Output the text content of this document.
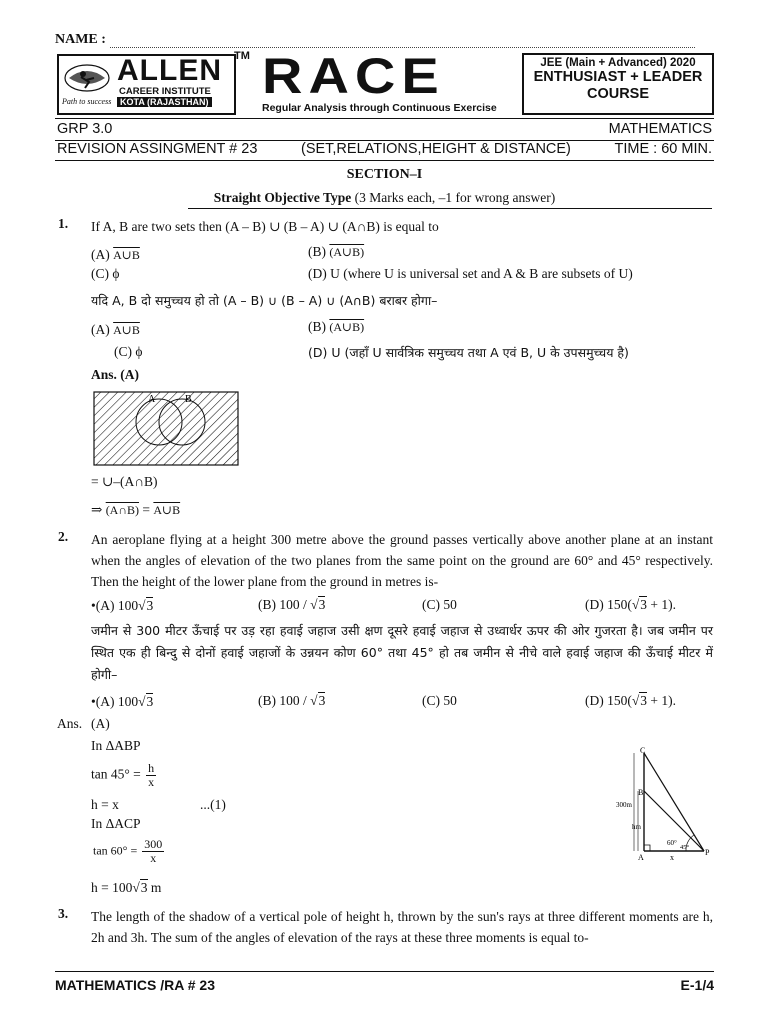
NAME :
ALLEN
CAREER INSTITUTE
KOTA (RAJASTHAN)
Path to success
TM RACE
Regular Analysis through Continuous Exercise
JEE (Main + Advanced) 2020
ENTHUSIAST + LEADER
COURSE
GRP 3.0	MATHEMATICS
REVISION ASSINGMENT # 23	(SET,RELATIONS,HEIGHT & DISTANCE)	TIME : 60 MIN.
SECTION–I
Straight Objective Type (3 Marks each, –1 for wrong answer)
1. If A, B are two sets then (A – B) ∪ (B – A) ∪ (A∩B) is equal to
(A) A∪B	(B) (A∪B)
(C) ϕ	(D) U (where U is universal set and A & B are subsets of U)
यदि A, B दो समुच्चय हो तो (A – B) ∪ (B – A) ∪ (A∩B) बराबर होगा–
(A) A∪B	(B) (A∪B)
(C) ϕ	(D) U (जहाँ U सार्वत्रिक समुच्चय तथा A एवं B, U के उपसमुच्चय है)
Ans. (A)
A	B
= ∪–(A∩B)
⇒ (A∩B) = A∪B
2. An aeroplane flying at a height 300 metre above the ground passes vertically above another plane at an instant when the angles of elevation of the two planes from the same point on the ground are 60° and 45° respectively. Then the height of the lower plane from the ground in metres is-
•(A) 100√3	(B) 100 / √3	(C) 50	(D) 150(√3 + 1).
जमीन से 300 मीटर ऊँचाई पर उड़ रहा हवाई जहाज उसी क्षण दूसरे हवाई जहाज से उध्वार्धर ऊपर की ओर गुजरता है। जब जमीन पर स्थित एक ही बिन्दु से दोनों हवाई जहाजों के उन्नयन कोण 60° तथा 45° हो तब जमीन से नीचे वाले हवाई जहाज की ऊँचाई मीटर में होगी–
•(A) 100√3	(B) 100 / √3	(C) 50	(D) 150(√3 + 1).
Ans. (A)
In ΔABP
$\tan 45^\circ = \frac{h}{x}$
h = x	...(1)
In ΔACP
$\tan 60^\circ = \frac{300}{x}$
h = 100√3 m
C
B
A
P
x
300m
hm
60°
45°
3. The length of the shadow of a vertical pole of height h, thrown by the sun's rays at three different moments are h, 2h and 3h. The sum of the angles of elevation of the rays at these three moments is equal to-
MATHEMATICS /RA # 23	E-1/4
